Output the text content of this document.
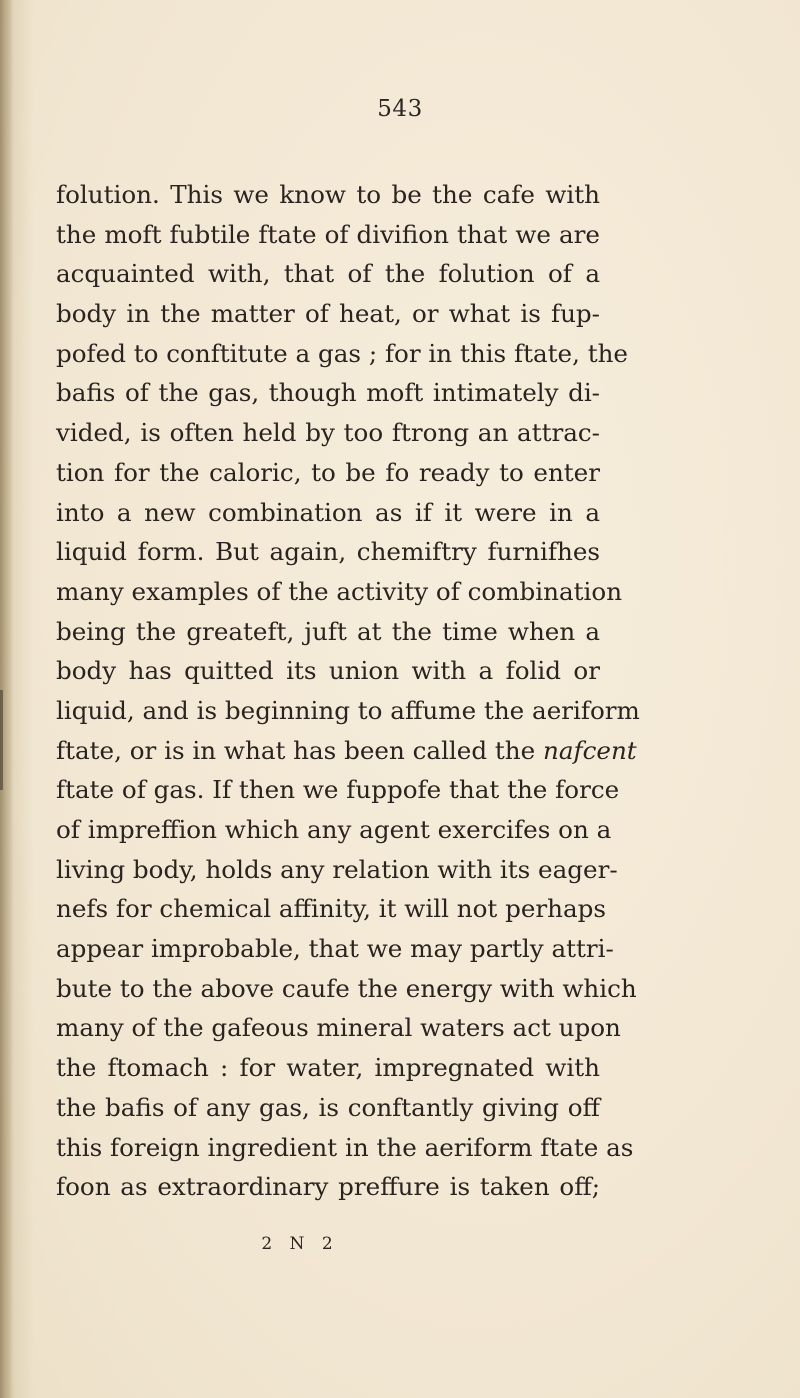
543
folution. This we know to be the cafe with
the moft fubtile ftate of divifion that we are
acquainted with, that of the folution of a
body in the matter of heat, or what is fup-
pofed to conftitute a gas ; for in this ftate, the
bafis of the gas, though moft intimately di-
vided, is often held by too ftrong an attrac-
tion for the caloric, to be fo ready to enter
into a new combination as if it were in a
liquid form. But again, chemiftry furnifhes
many examples of the activity of combination
being the greateft, juft at the time when a
body has quitted its union with a folid or
liquid, and is beginning to affume the aeriform
ftate, or is in what has been called the nafcent
ftate of gas. If then we fuppofe that the force
of impreffion which any agent exercifes on a
living body, holds any relation with its eager-
nefs for chemical affinity, it will not perhaps
appear improbable, that we may partly attri-
bute to the above caufe the energy with which
many of the gafeous mineral waters act upon
the ftomach : for water, impregnated with
the bafis of any gas, is conftantly giving off
this foreign ingredient in the aeriform ftate as
foon as extraordinary preffure is taken off;
2 N 2
